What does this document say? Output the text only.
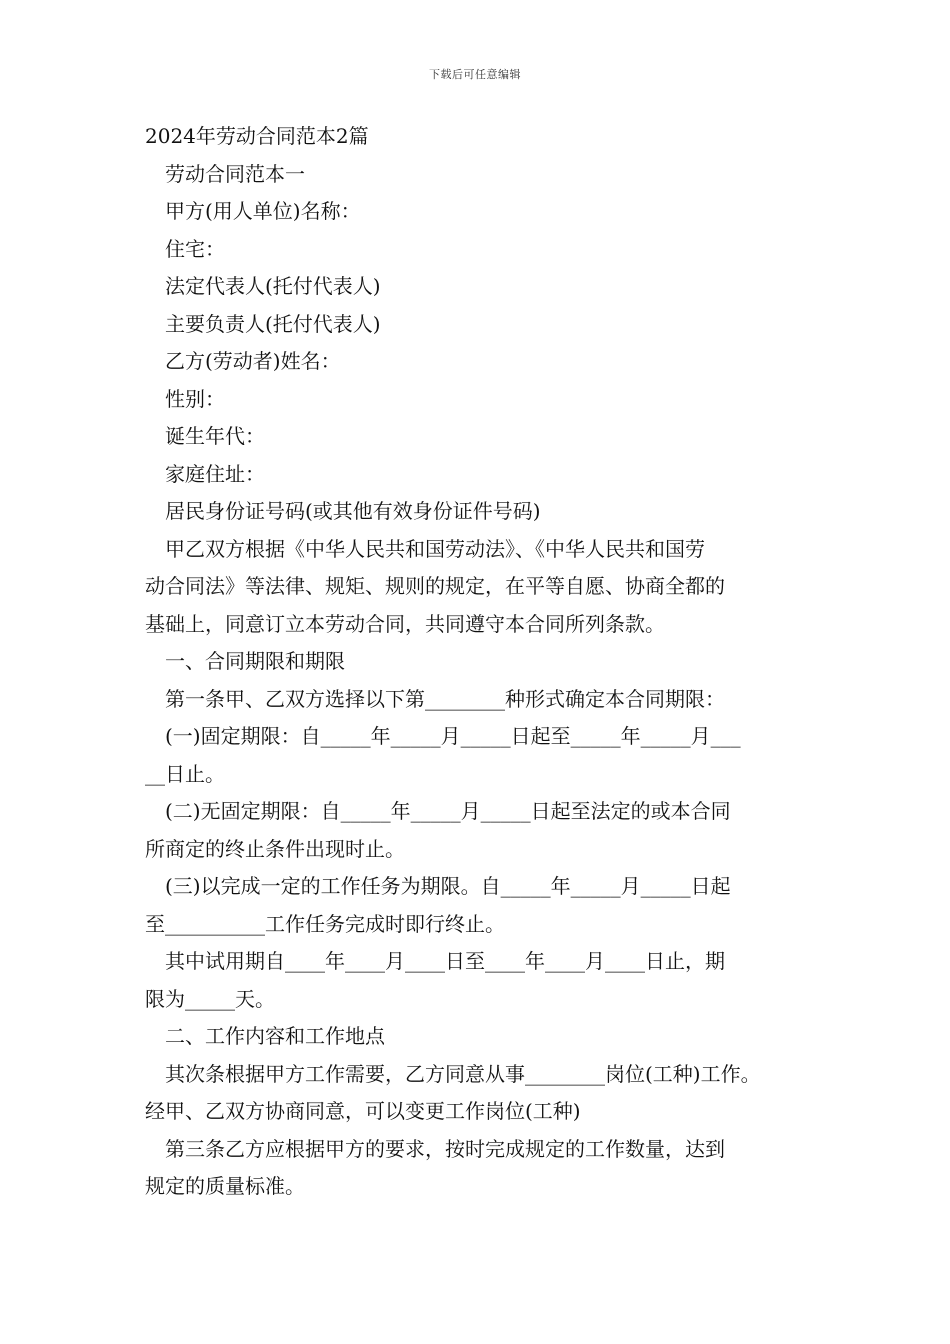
下载后可任意编辑
2024年劳动合同范本2篇
劳动合同范本一
甲方(用人单位)名称：
住宅：
法定代表人(托付代表人)
主要负责人(托付代表人)
乙方(劳动者)姓名：
性别：
诞生年代：
家庭住址：
居民身份证号码(或其他有效身份证件号码)
甲乙双方根据《中华人民共和国劳动法》、《中华人民共和国劳
动合同法》等法律、规矩、规则的规定，在平等自愿、协商全都的
基础上，同意订立本劳动合同，共同遵守本合同所列条款。
一、合同期限和期限
第一条甲、乙双方选择以下第________种形式确定本合同期限：
(一)固定期限：自_____年_____月_____日起至_____年_____月___
__日止。
(二)无固定期限：自_____年_____月_____日起至法定的或本合同
所商定的终止条件出现时止。
(三)以完成一定的工作任务为期限。自_____年_____月_____日起
至__________工作任务完成时即行终止。
其中试用期自____年____月____日至____年____月____日止，期
限为_____天。
二、工作内容和工作地点
其次条根据甲方工作需要，乙方同意从事________岗位(工种)工作。
经甲、乙双方协商同意，可以变更工作岗位(工种)
第三条乙方应根据甲方的要求，按时完成规定的工作数量，达到
规定的质量标准。
